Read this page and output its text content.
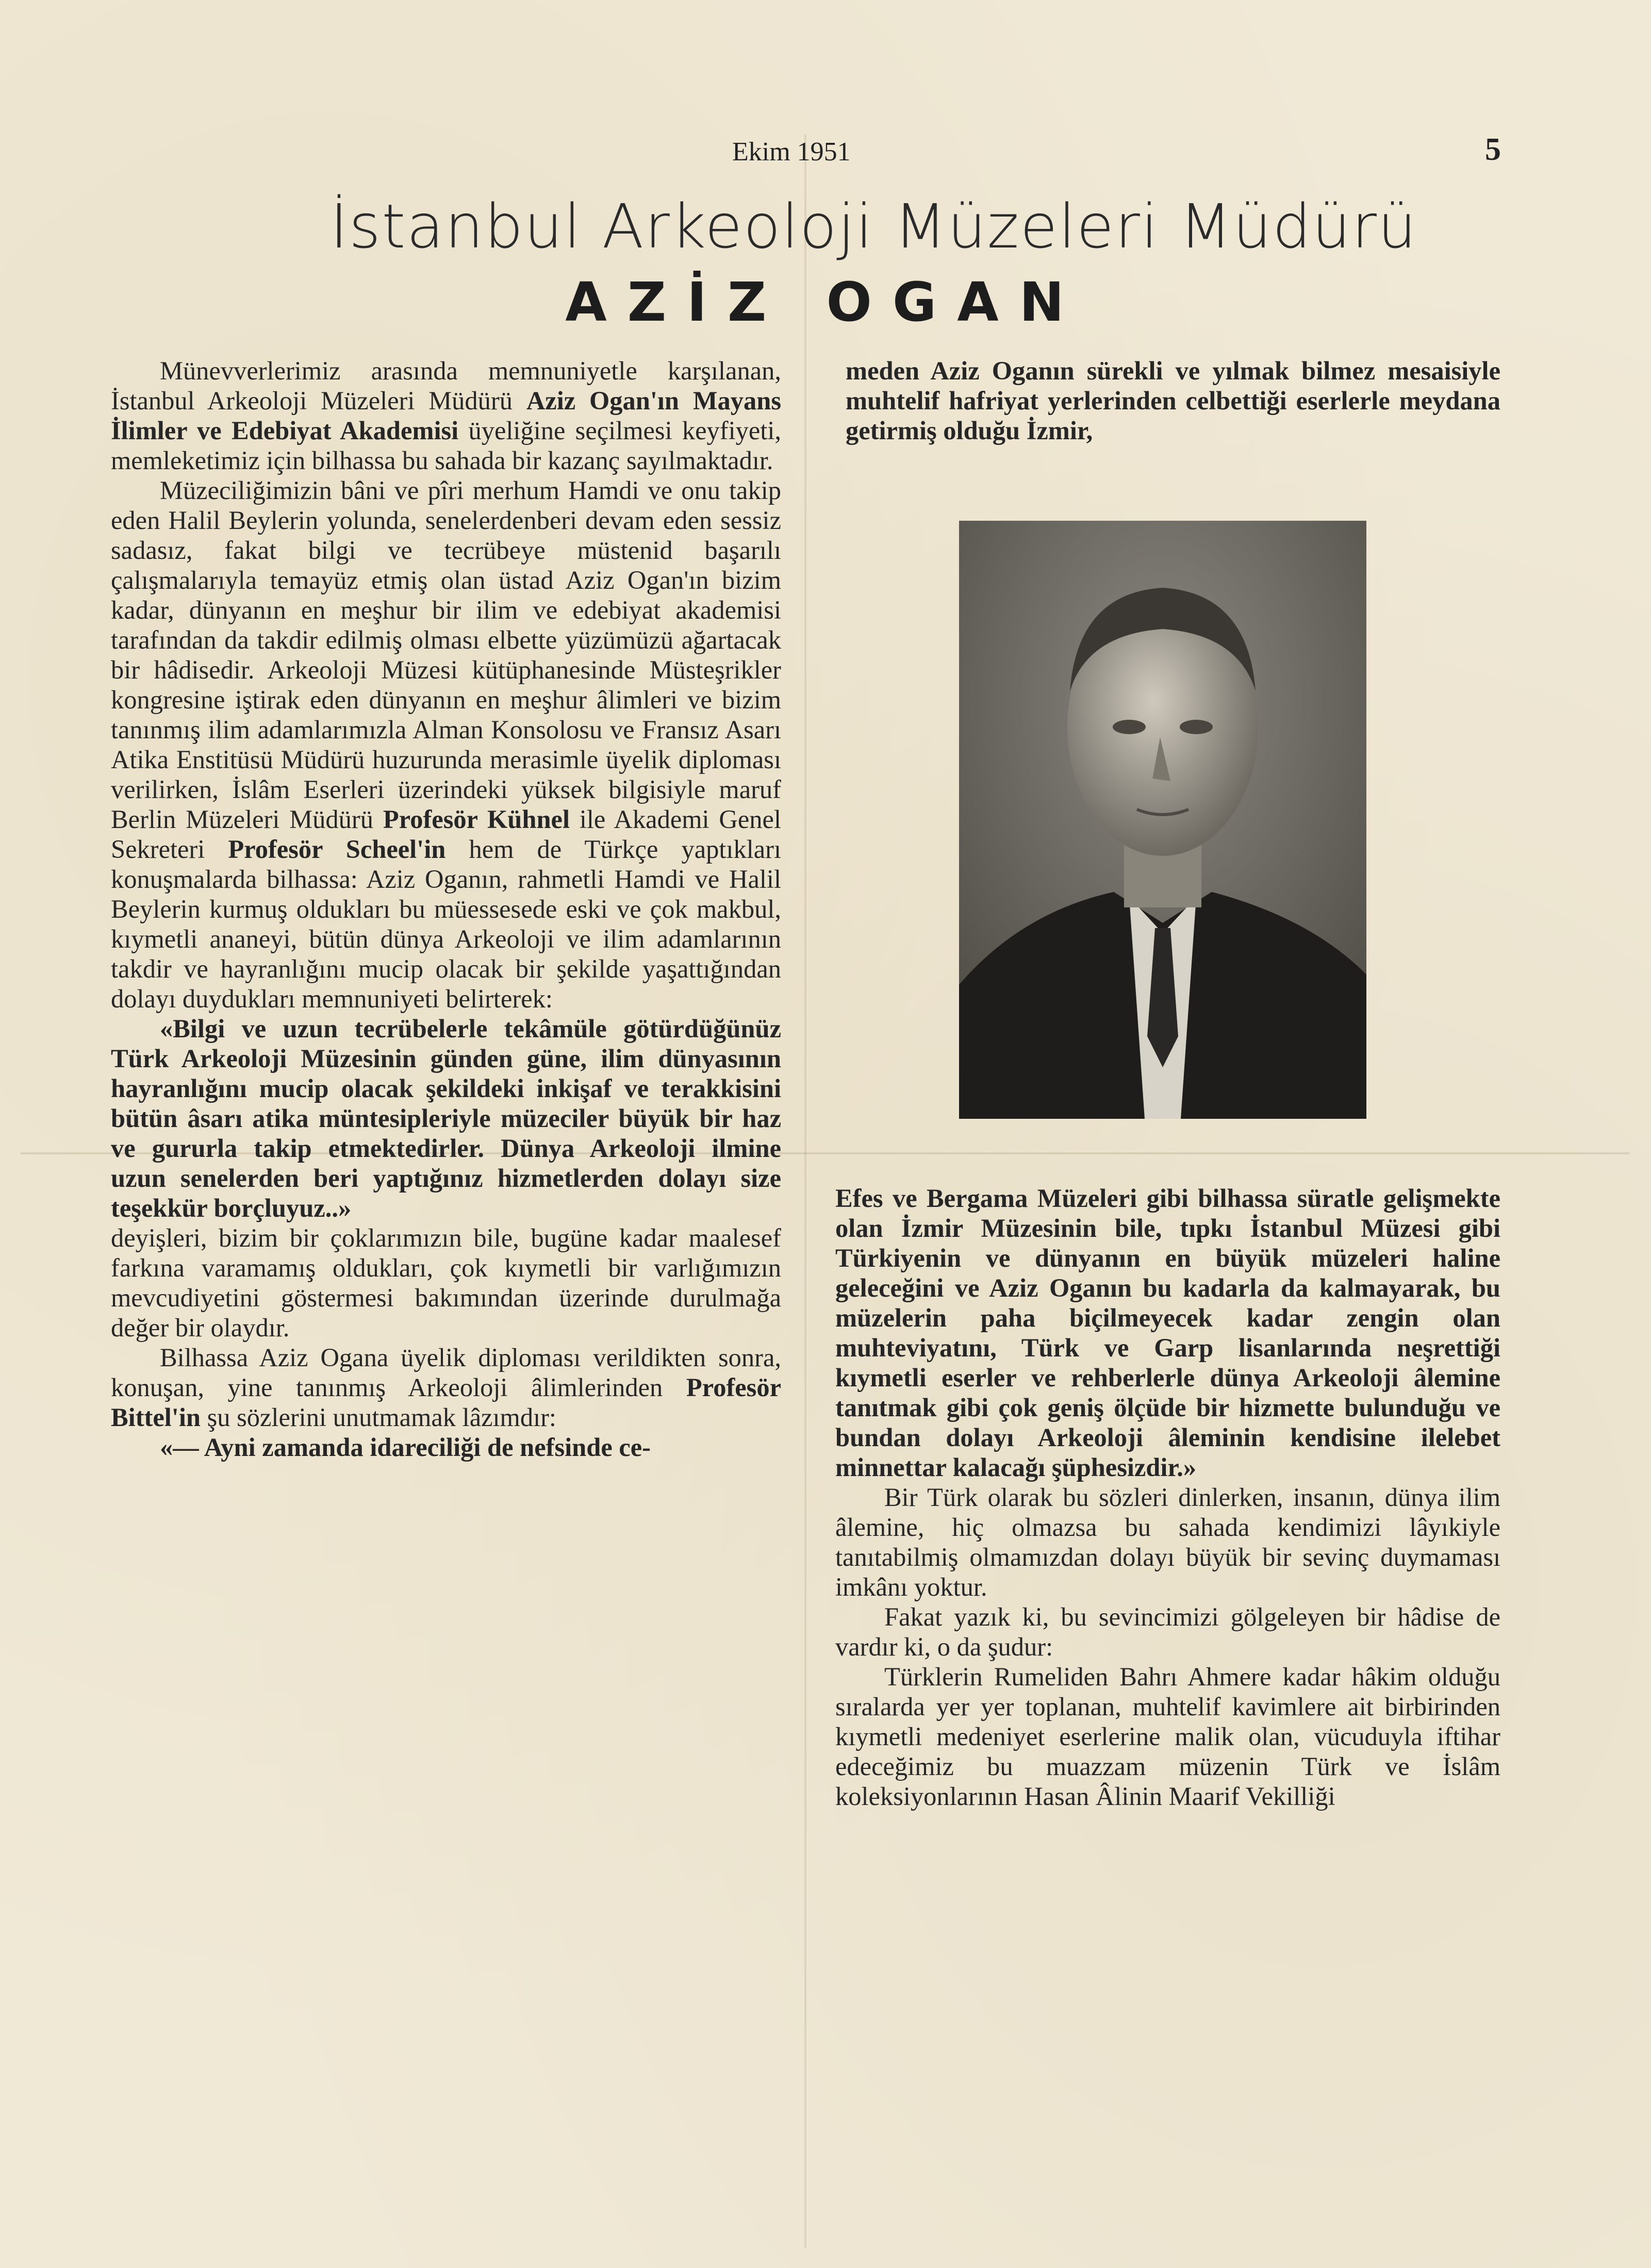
Ekim 1951	5
İstanbul Arkeoloji Müzeleri Müdürü
AZİZ OGAN

Münevverlerimiz arasında memnuniyetle karşılanan, İstanbul Arkeoloji Müzeleri Müdürü Aziz Ogan'ın Mayans İlimler ve Edebiyat Akademisi üyeliğine seçilmesi keyfiyeti, memleketimiz için bilhassa bu sahada bir kazanç sayılmaktadır.

Müzeciliğimizin bâni ve pîri merhum Hamdi ve onu takip eden Halil Beylerin yolunda, senelerdenberi devam eden sessiz sadasız, fakat bilgi ve tecrübeye müstenid başarılı çalışmalarıyla temayüz etmiş olan üstad Aziz Ogan'ın bizim kadar, dünyanın en meşhur bir ilim ve edebiyat akademisi tarafından da takdir edilmiş olması elbette yüzümüzü ağartacak bir hâdisedir. Arkeoloji Müzesi kütüphanesinde Müsteşrikler kongresine iştirak eden dünyanın en meşhur âlimleri ve bizim tanınmış ilim adamlarımızla Alman Konsolosu ve Fransız Asarı Atika Enstitüsü Müdürü huzurunda merasimle üyelik diploması verilirken, İslâm Eserleri üzerindeki yüksek bilgisiyle maruf Berlin Müzeleri Müdürü Profesör Kühnel ile Akademi Genel Sekreteri Profesör Scheel'in hem de Türkçe yaptıkları konuşmalarda bilhassa: Aziz Oganın, rahmetli Hamdi ve Halil Beylerin kurmuş oldukları bu müessesede eski ve çok makbul, kıymetli ananeyi, bütün dünya Arkeoloji ve ilim adamlarının takdir ve hayranlığını mucip olacak bir şekilde yaşattığından dolayı duydukları memnuniyeti belirterek:

«Bilgi ve uzun tecrübelerle tekâmüle götürdüğünüz Türk Arkeoloji Müzesinin günden güne, ilim dünyasının hayranlığını mucip olacak şekildeki inkişaf ve terakkisini bütün âsarı atika müntesipleriyle müzeciler büyük bir haz ve gururla takip etmektedirler. Dünya Arkeoloji ilmine uzun senelerden beri yaptığınız hizmetlerden dolayı size teşekkür borçluyuz..»

deyişleri, bizim bir çoklarımızın bile, bugüne kadar maalesef farkına varamamış oldukları, çok kıymetli bir varlığımızın mevcudiyetini göstermesi bakımından üzerinde durulmağa değer bir olaydır.

Bilhassa Aziz Ogana üyelik diploması verildikten sonra, konuşan, yine tanınmış Arkeoloji âlimlerinden Profesör Bittel'in şu sözlerini unutmamak lâzımdır:

«— Ayni zamanda idareciliği de nefsinde ce-

meden Aziz Oganın sürekli ve yılmak bilmez mesaisiyle muhtelif hafriyat yerlerinden celbettiği eserlerle meydana getirmiş olduğu İzmir,

Efes ve Bergama Müzeleri gibi bilhassa süratle gelişmekte olan İzmir Müzesinin bile, tıpkı İstanbul Müzesi gibi Türkiyenin ve dünyanın en büyük müzeleri haline geleceğini ve Aziz Oganın bu kadarla da kalmayarak, bu müzelerin paha biçilmeyecek kadar zengin olan muhteviyatını, Türk ve Garp lisanlarında neşrettiği kıymetli eserler ve rehberlerle dünya Arkeoloji âlemine tanıtmak gibi çok geniş ölçüde bir hizmette bulunduğu ve bundan dolayı Arkeoloji âleminin kendisine ilelebet minnettar kalacağı şüphesizdir.»

Bir Türk olarak bu sözleri dinlerken, insanın, dünya ilim âlemine, hiç olmazsa bu sahada kendimizi lâyıkiyle tanıtabilmiş olmamızdan dolayı büyük bir sevinç duymaması imkânı yoktur.

Fakat yazık ki, bu sevincimizi gölgeleyen bir hâdise de vardır ki, o da şudur:

Türklerin Rumeliden Bahrı Ahmere kadar hâkim olduğu sıralarda yer yer toplanan, muhtelif kavimlere ait birbirinden kıymetli medeniyet eserlerine malik olan, vücuduyla iftihar edeceğimiz bu muazzam müzenin Türk ve İslâm koleksiyonlarının Hasan Âlinin Maarif Vekilliği
